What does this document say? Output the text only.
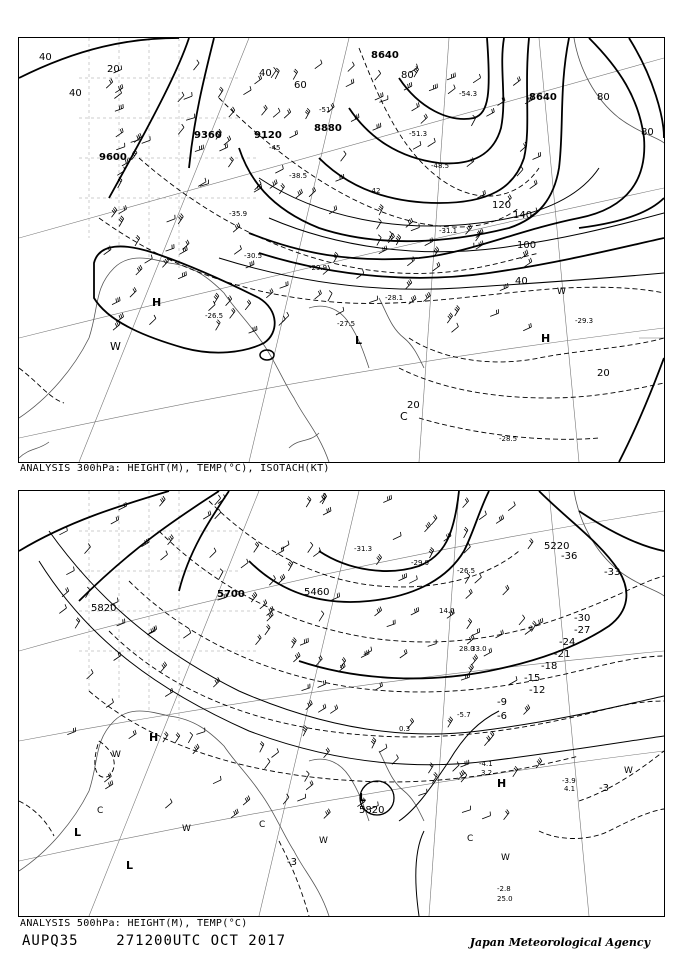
9600
9360	9120
8880
8640
8640
20
40
40
40
60
80
80
80
100
120
140
40
20
20
-51
-48.5
-45
-42
-38.5
-35.9
-31.1
-30.5
-29.9
-29.3
-28.5
-28.1
-27.5
-26.5
-51.3
-54.3
H
L	H
W
C
W
ANALYSIS 300hPa: HEIGHT(M), TEMP(°C), ISOTACH(KT)
5820
5700	5460
5220
5820
-36
-33
-30
-27
-24
-21
-18
-15
-12
-9
-6
-3
-3
-4.1
3.2
-2.8
25.0
-3.9
4.1
-5.7
0.3
14.0
28.0
33.0
-26.5
-29.9
-31.3
H
L
L
L
H
W
W
W
W
W
C
C
C
ANALYSIS 500hPa: HEIGHT(M), TEMP(°C)
AUPQ35	271200UTC OCT 2017	Japan Meteorological Agency
